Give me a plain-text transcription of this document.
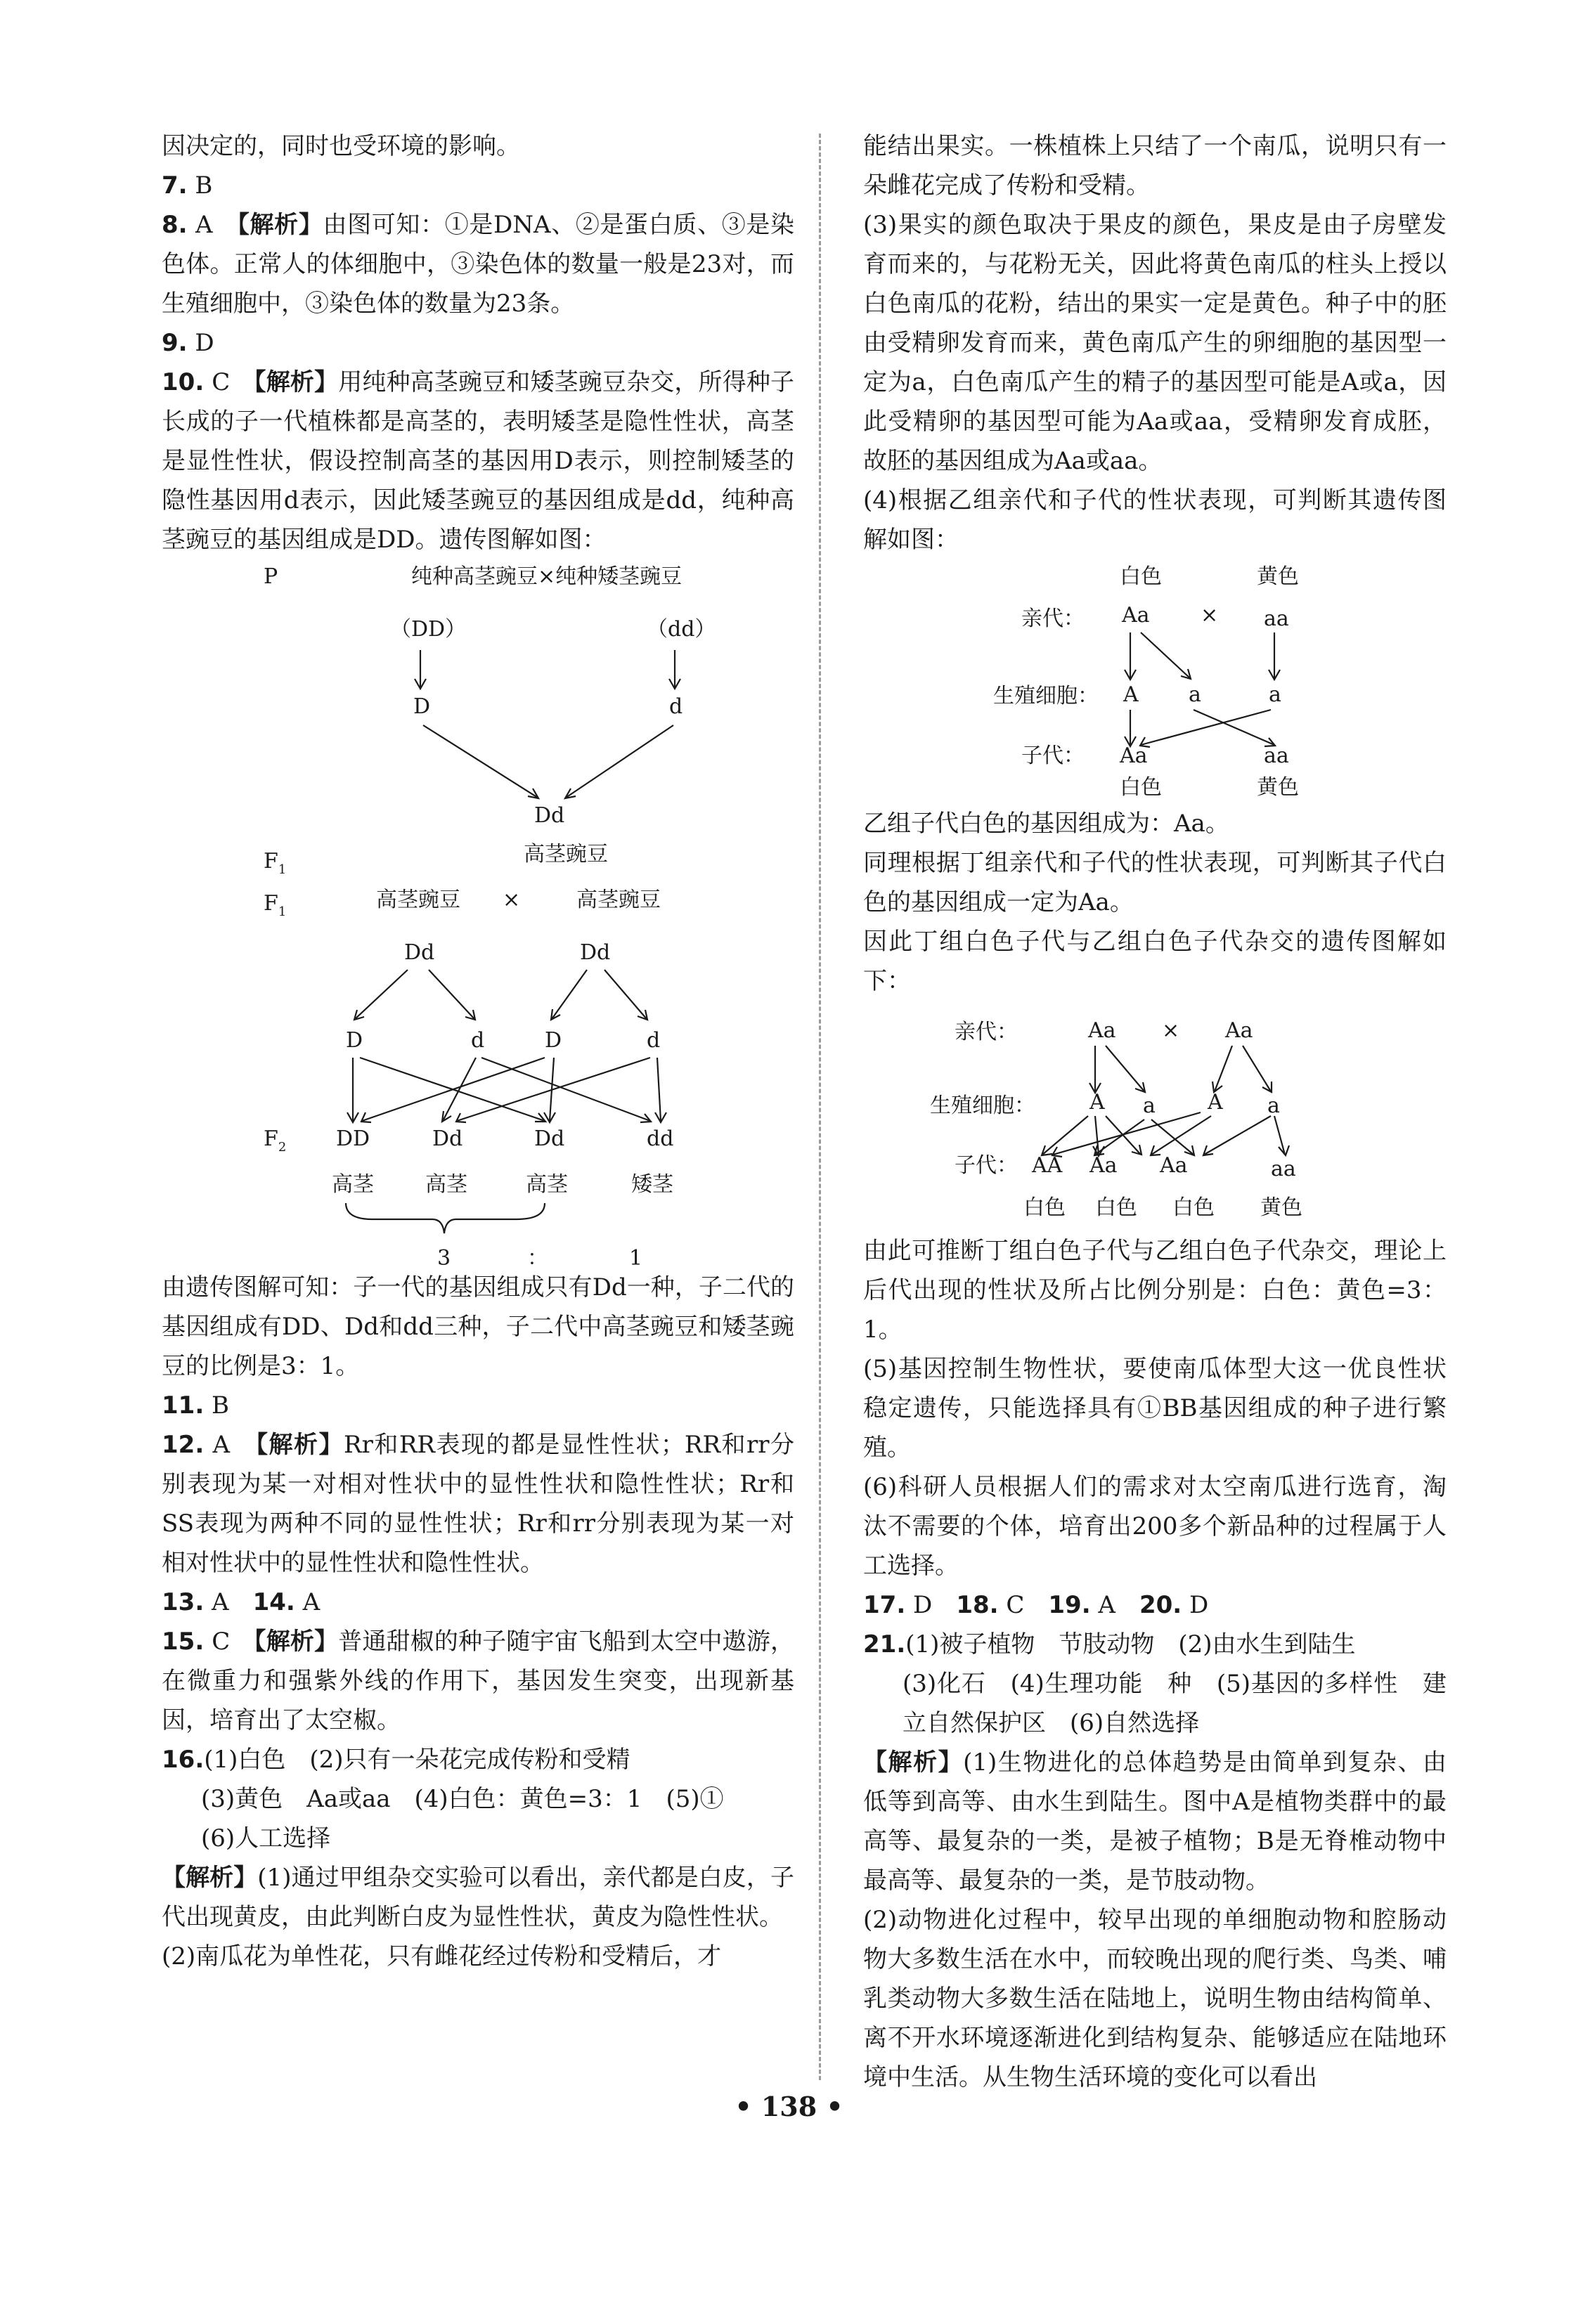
因决定的，同时也受环境的影响。

7. B

8. A　 【解析】由图可知：①是DNA、②是蛋白质、③是染色体。正常人的体细胞中，③染色体的数量一般是23对，而生殖细胞中，③染色体的数量为23条。

9. D

10. C　 【解析】用纯种高茎豌豆和矮茎豌豆杂交，所得种子长成的子一代植株都是高茎的，表明矮茎是隐性性状，高茎是显性性状，假设控制高茎的基因用D表示，则控制矮茎的隐性基因用d表示，因此矮茎豌豆的基因组成是dd，纯种高茎豌豆的基因组成是DD。遗传图解如图：

P	纯种高茎豌豆×纯种矮茎豌豆
（DD）	（dd）
D	d
Dd
$F_1$
高茎豌豆
$F_1$	高茎豌豆 ×	高茎豌豆
Dd	Dd
D	d	D	d
$F_2$ DD	Dd	Dd	dd
高茎 高茎	高茎	矮茎
3	：	1

由遗传图解可知：子一代的基因组成只有Dd一种，子二代的基因组成有DD、Dd和dd三种，子二代中高茎豌豆和矮茎豌豆的比例是3：1。

11. B

12. A　 【解析】Rr和RR表现的都是显性性状；RR和rr分别表现为某一对相对性状中的显性性状和隐性性状；Rr和SS表现为两种不同的显性性状；Rr和rr分别表现为某一对相对性状中的显性性状和隐性性状。

13. A　 14. A

15. C　 【解析】普通甜椒的种子随宇宙飞船到太空中遨游，在微重力和强紫外线的作用下，基因发生突变，出现新基因，培育出了太空椒。

16.(1)白色　(2)只有一朵花完成传粉和受精

(3)黄色　Aa或aa　(4)白色：黄色=3：1　(5)①

(6)人工选择

【解析】(1)通过甲组杂交实验可以看出，亲代都是白皮，子代出现黄皮，由此判断白皮为显性性状，黄皮为隐性性状。

(2)南瓜花为单性花，只有雌花经过传粉和受精后，才

能结出果实。一株植株上只结了一个南瓜，说明只有一朵雌花完成了传粉和受精。

(3)果实的颜色取决于果皮的颜色，果皮是由子房壁发育而来的，与花粉无关，因此将黄色南瓜的柱头上授以白色南瓜的花粉，结出的果实一定是黄色。种子中的胚由受精卵发育而来，黄色南瓜产生的卵细胞的基因型一定为a，白色南瓜产生的精子的基因型可能是A或a，因此受精卵的基因型可能为Aa或aa，受精卵发育成胚，故胚的基因组成为Aa或aa。

(4)根据乙组亲代和子代的性状表现，可判断其遗传图解如图：

白色	黄色
亲代： Aa × aa
生殖细胞： A a	a
子代： Aa	aa
白色	黄色

乙组子代白色的基因组成为：Aa。

同理根据丁组亲代和子代的性状表现，可判断其子代白色的基因组成一定为Aa。

因此丁组白色子代与乙组白色子代杂交的遗传图解如下：

亲代：	Aa × Aa
生殖细胞：	A a A a
子代： AA Aa Aa	aa
白色 白色 白色 黄色

由此可推断丁组白色子代与乙组白色子代杂交，理论上后代出现的性状及所占比例分别是：白色：黄色=3：1。

(5)基因控制生物性状，要使南瓜体型大这一优良性状稳定遗传，只能选择具有①BB基因组成的种子进行繁殖。

(6)科研人员根据人们的需求对太空南瓜进行选育，淘汰不需要的个体，培育出200多个新品种的过程属于人工选择。

17. D　 18. C　 19. A　 20. D

21.(1)被子植物　节肢动物　(2)由水生到陆生

(3)化石　(4)生理功能　种　(5)基因的多样性　建立自然保护区　(6)自然选择

【解析】(1)生物进化的总体趋势是由简单到复杂、由低等到高等、由水生到陆生。图中A是植物类群中的最高等、最复杂的一类，是被子植物；B是无脊椎动物中最高等、最复杂的一类，是节肢动物。

(2)动物进化过程中，较早出现的单细胞动物和腔肠动物大多数生活在水中，而较晚出现的爬行类、鸟类、哺乳类动物大多数生活在陆地上，说明生物由结构简单、离不开水环境逐渐进化到结构复杂、能够适应在陆地环境中生活。从生物生活环境的变化可以看出

• 138 •
